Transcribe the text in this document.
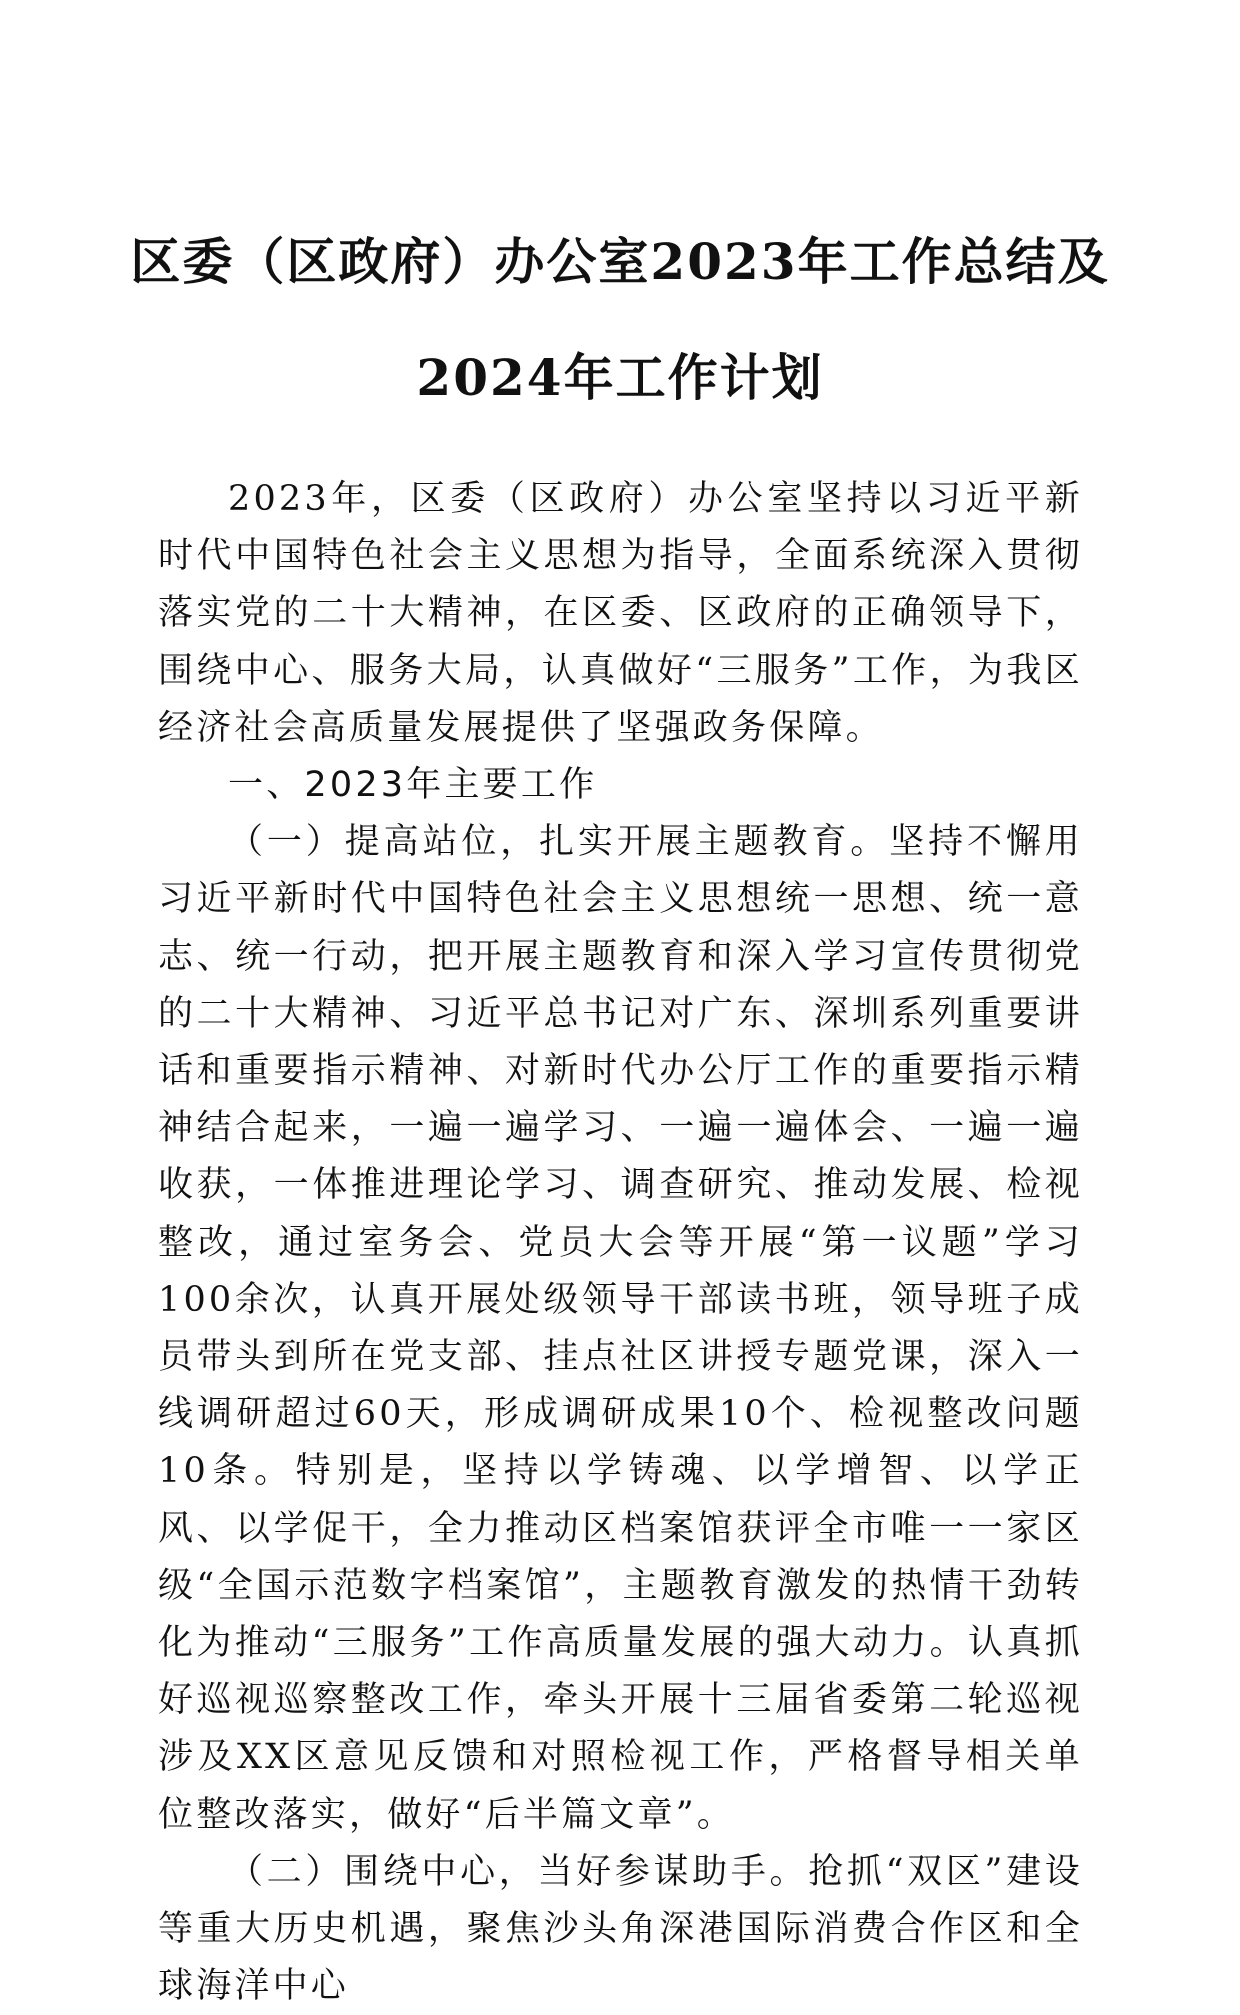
区委（区政府）办公室2023年工作总结及
2024年工作计划

2023年，区委（区政府）办公室坚持以习近平新时代中国特色社会主义思想为指导，全面系统深入贯彻落实党的二十大精神，在区委、区政府的正确领导下，围绕中心、服务大局，认真做好“三服务”工作，为我区经济社会高质量发展提供了坚强政务保障。

一、2023年主要工作

（一）提高站位，扎实开展主题教育。坚持不懈用习近平新时代中国特色社会主义思想统一思想、统一意志、统一行动，把开展主题教育和深入学习宣传贯彻党的二十大精神、习近平总书记对广东、深圳系列重要讲话和重要指示精神、对新时代办公厅工作的重要指示精神结合起来，一遍一遍学习、一遍一遍体会、一遍一遍收获，一体推进理论学习、调查研究、推动发展、检视整改，通过室务会、党员大会等开展“第一议题”学习100余次，认真开展处级领导干部读书班，领导班子成员带头到所在党支部、挂点社区讲授专题党课，深入一线调研超过60天，形成调研成果10个、检视整改问题10条。特别是，坚持以学铸魂、以学增智、以学正风、以学促干，全力推动区档案馆获评全市唯一一家区级“全国示范数字档案馆”，主题教育激发的热情干劲转化为推动“三服务”工作高质量发展的强大动力。认真抓好巡视巡察整改工作，牵头开展十三届省委第二轮巡视涉及XX区意见反馈和对照检视工作，严格督导相关单位整改落实，做好“后半篇文章”。

（二）围绕中心，当好参谋助手。抢抓“双区”建设等重大历史机遇，聚焦沙头角深港国际消费合作区和全球海洋中心
